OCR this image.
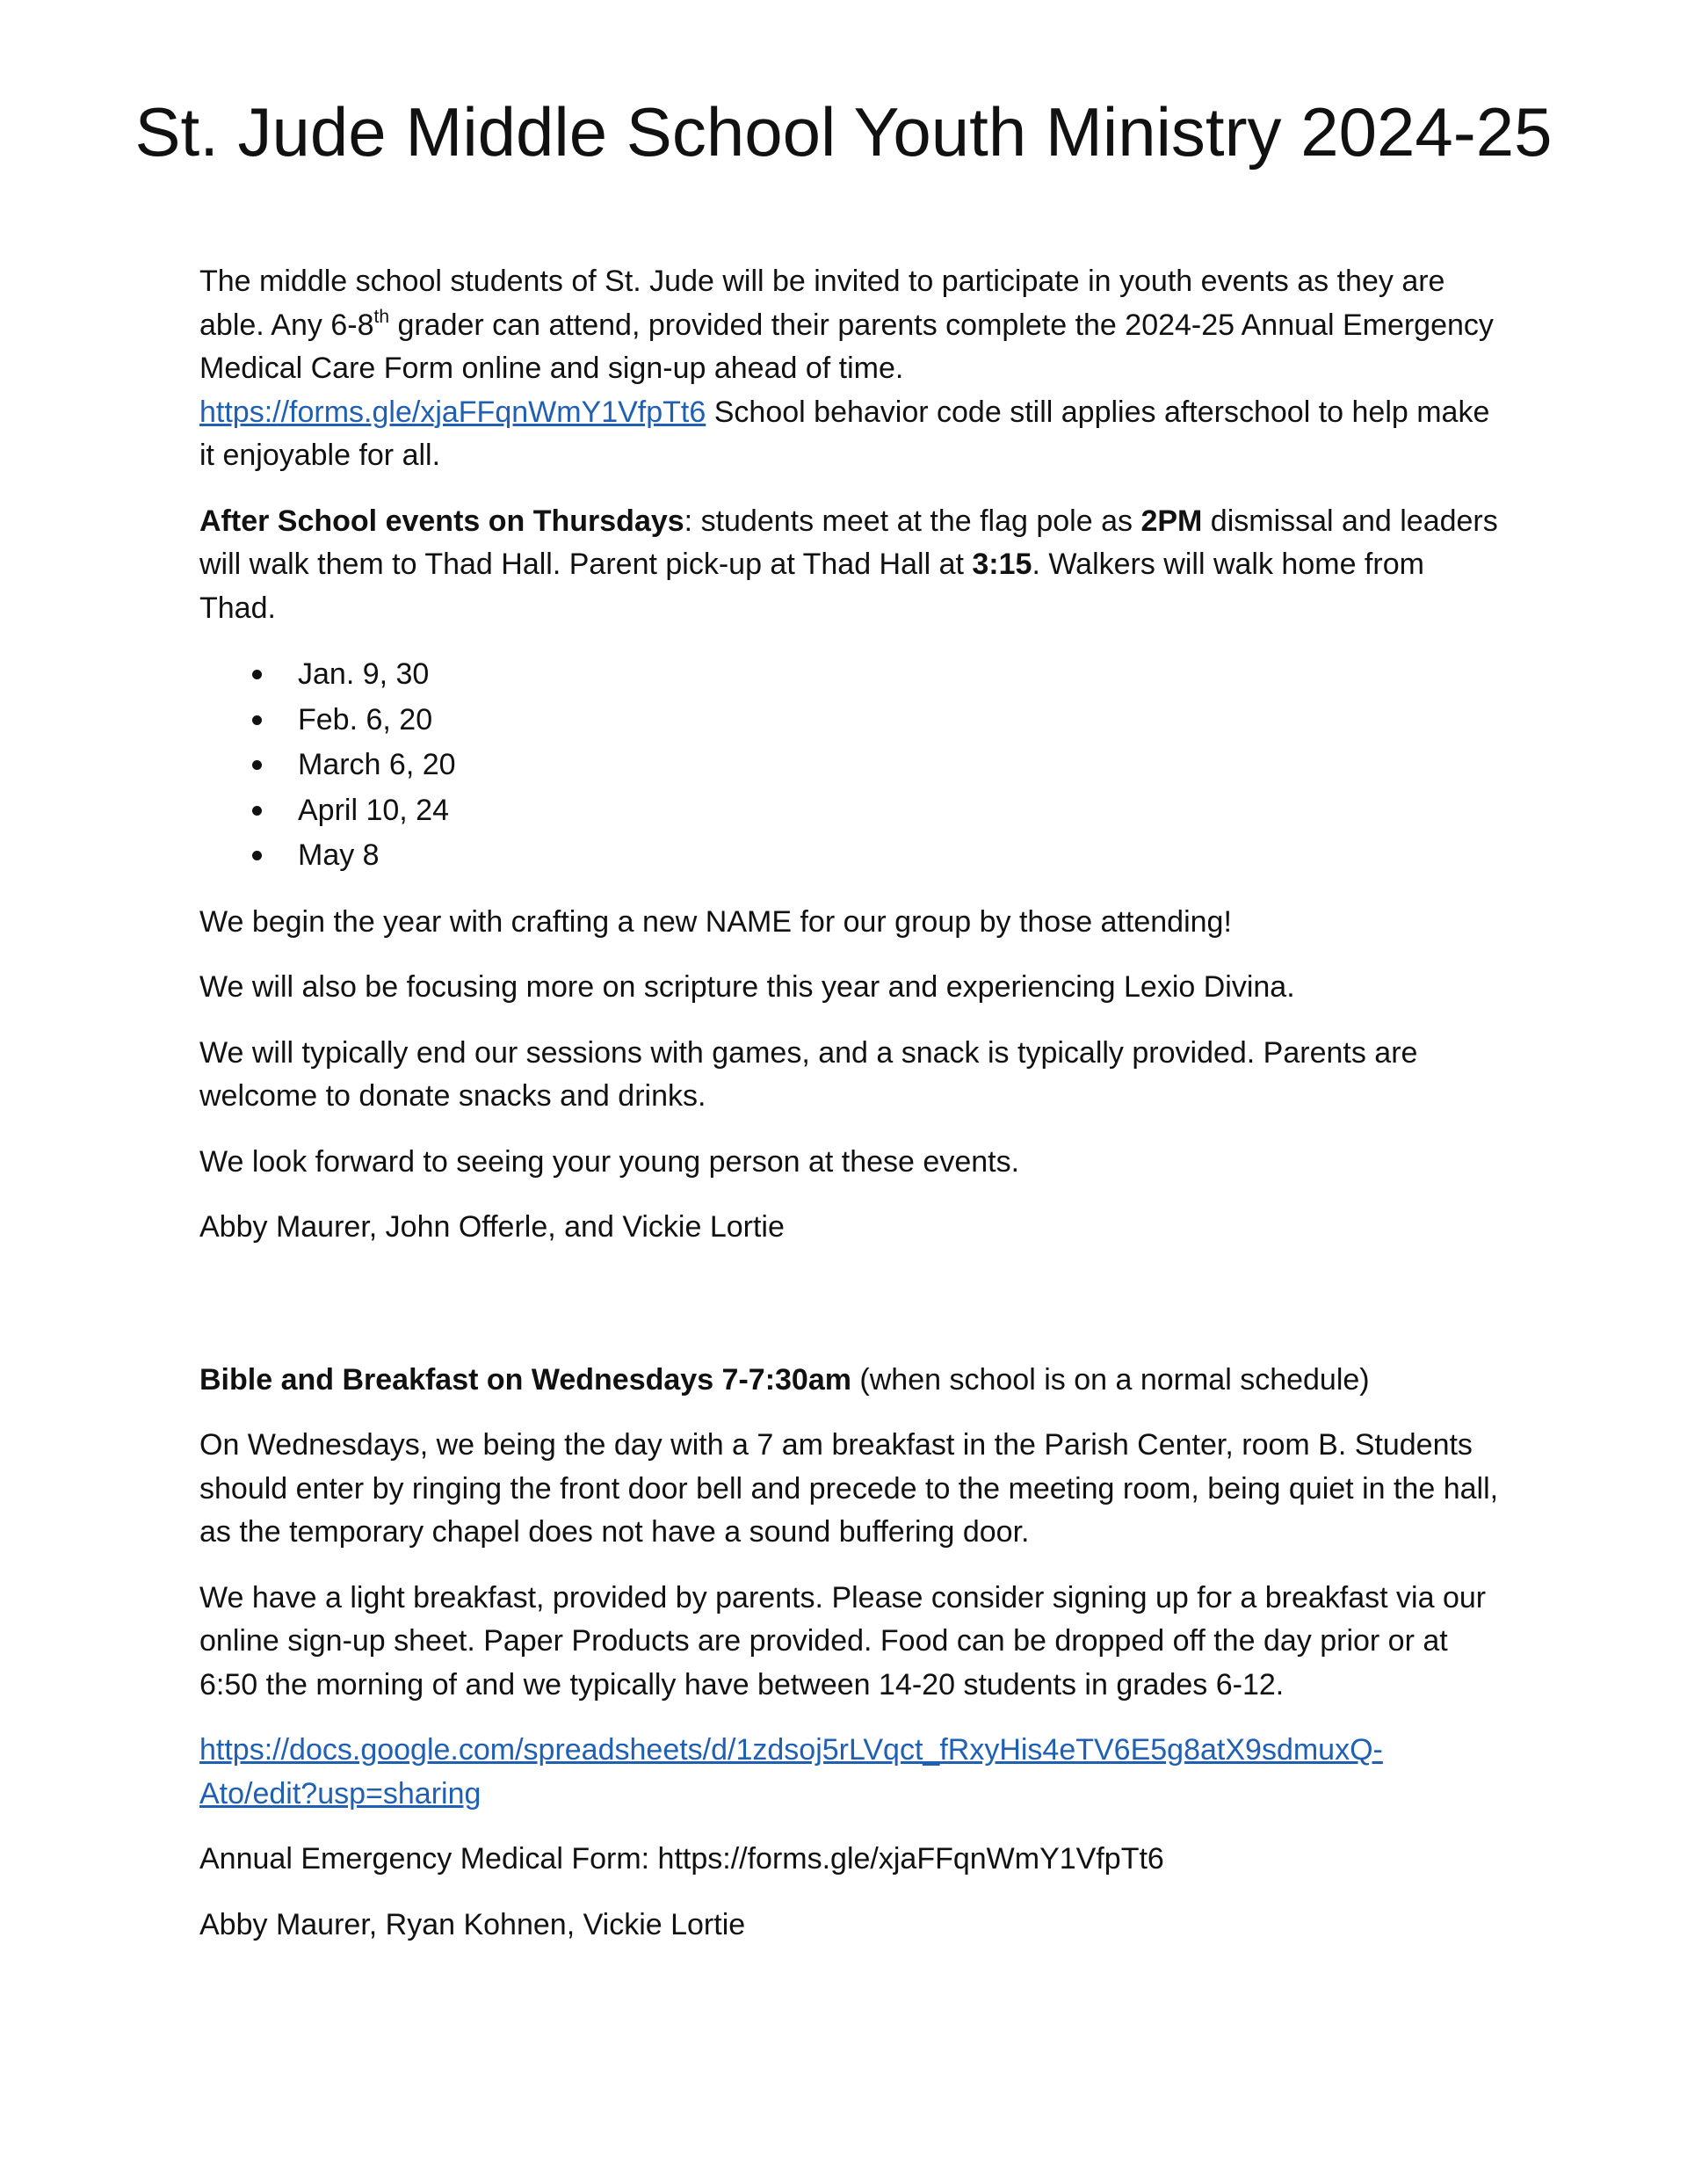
St. Jude Middle School Youth Ministry 2024-25

The middle school students of St. Jude will be invited to participate in youth events as they are able. Any 6-8th grader can attend, provided their parents complete the 2024-25 Annual Emergency Medical Care Form online and sign-up ahead of time.
https://forms.gle/xjaFFqnWmY1VfpTt6 School behavior code still applies afterschool to help make it enjoyable for all.

After School events on Thursdays: students meet at the flag pole as 2PM dismissal and leaders will walk them to Thad Hall. Parent pick-up at Thad Hall at 3:15. Walkers will walk home from Thad.

Jan. 9, 30
Feb. 6, 20
March 6, 20
April 10, 24
May 8

We begin the year with crafting a new NAME for our group by those attending!

We will also be focusing more on scripture this year and experiencing Lexio Divina.

We will typically end our sessions with games, and a snack is typically provided. Parents are welcome to donate snacks and drinks.

We look forward to seeing your young person at these events.

Abby Maurer, John Offerle, and Vickie Lortie

Bible and Breakfast on Wednesdays 7-7:30am (when school is on a normal schedule)

On Wednesdays, we being the day with a 7 am breakfast in the Parish Center, room B. Students should enter by ringing the front door bell and precede to the meeting room, being quiet in the hall, as the temporary chapel does not have a sound buffering door.

We have a light breakfast, provided by parents. Please consider signing up for a breakfast via our online sign-up sheet. Paper Products are provided. Food can be dropped off the day prior or at 6:50 the morning of and we typically have between 14-20 students in grades 6-12.

https://docs.google.com/spreadsheets/d/1zdsoj5rLVqct_fRxyHis4eTV6E5g8atX9sdmuxQ-
Ato/edit?usp=sharing

Annual Emergency Medical Form: https://forms.gle/xjaFFqnWmY1VfpTt6

Abby Maurer, Ryan Kohnen, Vickie Lortie
